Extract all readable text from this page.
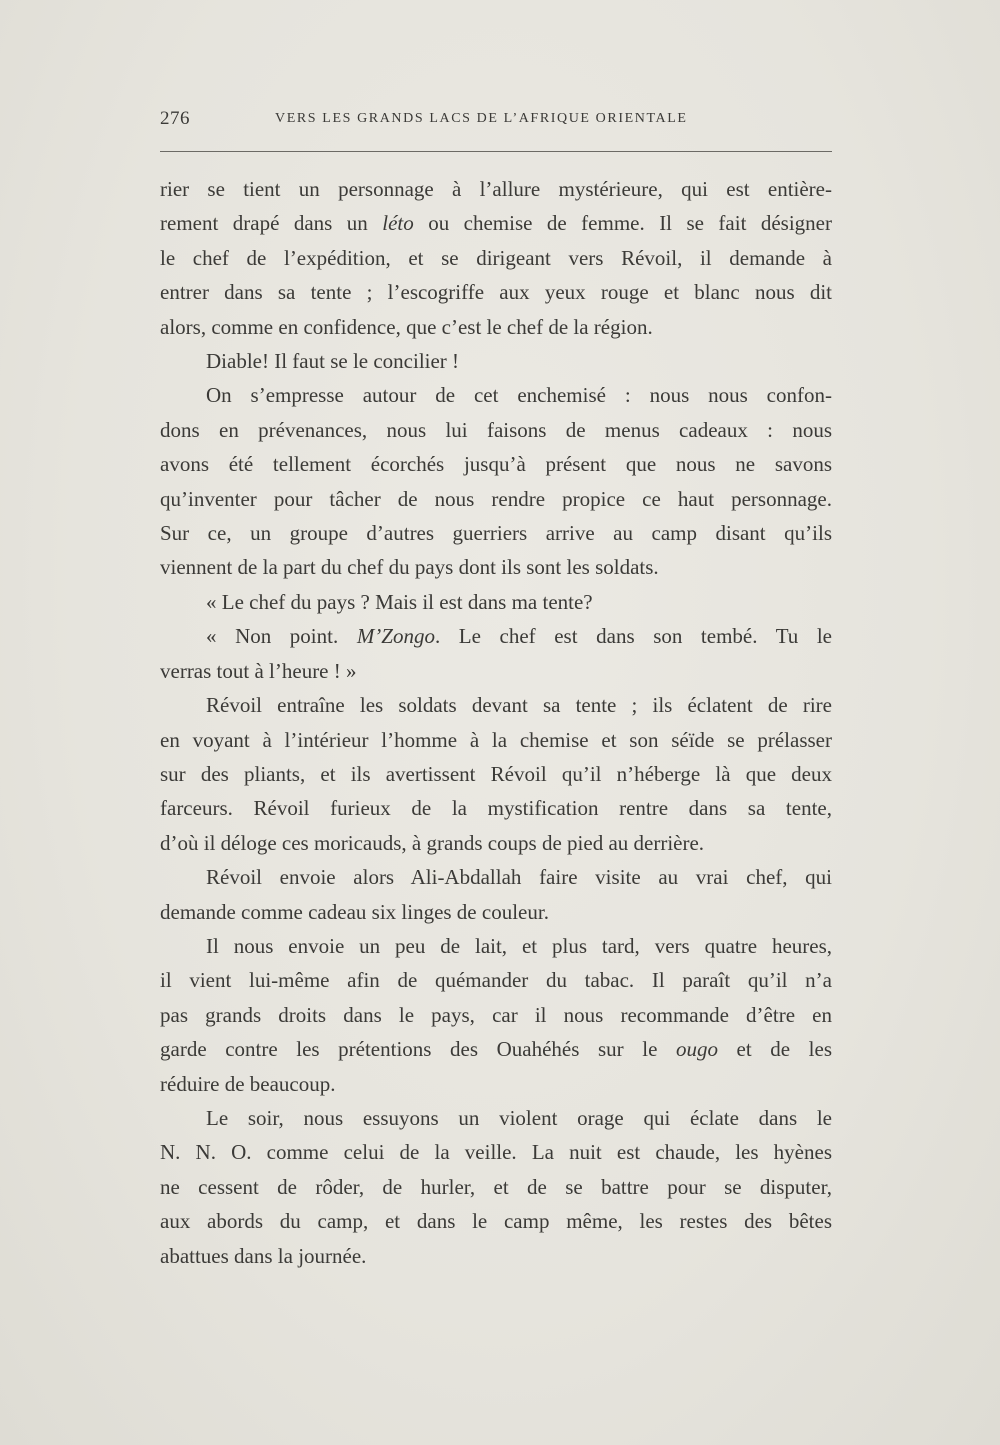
276	VERS LES GRANDS LACS DE L’AFRIQUE ORIENTALE

rier se tient un personnage à l’allure mystérieure, qui est entière-

rement drapé dans un léto ou chemise de femme. Il se fait désigner

le chef de l’expédition, et se dirigeant vers Révoil, il demande à

entrer dans sa tente ; l’escogriffe aux yeux rouge et blanc nous dit

alors, comme en confidence, que c’est le chef de la région.

Diable! Il faut se le concilier !

On s’empresse autour de cet enchemisé : nous nous confon-

dons en prévenances, nous lui faisons de menus cadeaux : nous

avons été tellement écorchés jusqu’à présent que nous ne savons

qu’inventer pour tâcher de nous rendre propice ce haut personnage.

Sur ce, un groupe d’autres guerriers arrive au camp disant qu’ils

viennent de la part du chef du pays dont ils sont les soldats.

« Le chef du pays ? Mais il est dans ma tente?

« Non point. M’Zongo. Le chef est dans son tembé. Tu le

verras tout à l’heure ! »

Révoil entraîne les soldats devant sa tente ; ils éclatent de rire

en voyant à l’intérieur l’homme à la chemise et son séïde se prélasser

sur des pliants, et ils avertissent Révoil qu’il n’héberge là que deux

farceurs. Révoil furieux de la mystification rentre dans sa tente,

d’où il déloge ces moricauds, à grands coups de pied au derrière.

Révoil envoie alors Ali-Abdallah faire visite au vrai chef, qui

demande comme cadeau six linges de couleur.

Il nous envoie un peu de lait, et plus tard, vers quatre heures,

il vient lui-même afin de quémander du tabac. Il paraît qu’il n’a

pas grands droits dans le pays, car il nous recommande d’être en

garde contre les prétentions des Ouahéhés sur le ougo et de les

réduire de beaucoup.

Le soir, nous essuyons un violent orage qui éclate dans le

N. N. O. comme celui de la veille. La nuit est chaude, les hyènes

ne cessent de rôder, de hurler, et de se battre pour se disputer,

aux abords du camp, et dans le camp même, les restes des bêtes

abattues dans la journée.
